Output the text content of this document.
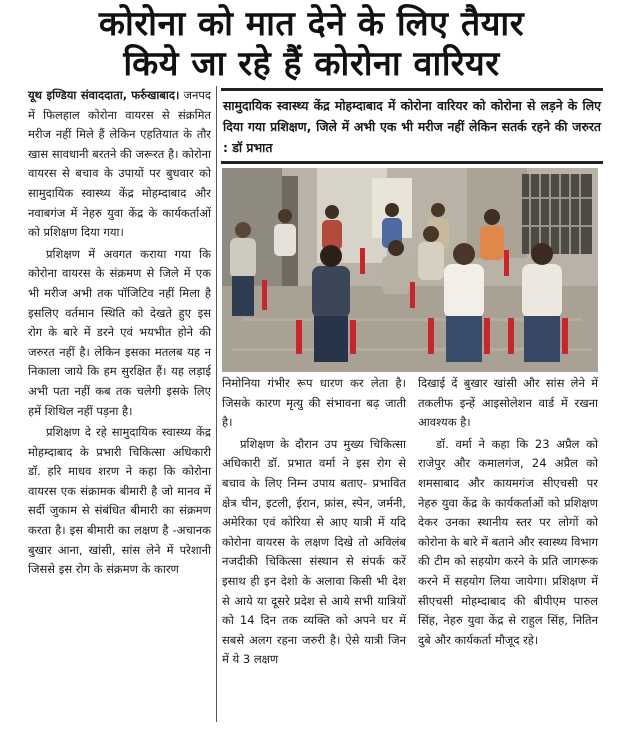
कोरोना को मात देने के लिए तैयार
किये जा रहे हैं कोरोना वारियर

यूथ इण्डिया संवाददाता, फर्रुखाबाद। जनपद में फिलहाल कोरोना वायरस से संक्रमित मरीज नहीं मिले हैं लेकिन एहतियात के तौर खास सावधानी बरतने की जरूरत है। कोरोना वायरस से बचाव के उपायों पर बुधवार को सामुदायिक स्वास्थ्य केंद्र मोहम्दाबाद और नवाबगंज में नेहरु युवा केंद्र के कार्यकर्ताओं को प्रशिक्षण दिया गया।

प्रशिक्षण में अवगत कराया गया कि कोरोना वायरस के संक्रमण से जिले में एक भी मरीज अभी तक पॉजिटिव नहीं मिला है इसलिए वर्तमान स्थिति को देखते हुए इस रोग के बारे में डरने एवं भयभीत होने की जरुरत नहीं है। लेकिन इसका मतलब यह न निकाला जाये कि हम सुरक्षित हैं। यह लड़ाई अभी पता नहीं कब तक चलेगी इसके लिए हमें शिथिल नहीं पड़ना है।

प्रशिक्षण दे रहे सामुदायिक स्वास्थ्य केंद्र मोहम्दाबाद के प्रभारी चिकित्सा अधिकारी डॉ. हरि माधव शरण ने कहा कि कोरोना वायरस एक संक्रामक बीमारी है जो मानव में सर्दी जुकाम से संबंधित बीमारी का संक्रमण करता है। इस बीमारी का लक्षण है -अचानक बुखार आना, खांसी, सांस लेने में परेशानी जिससे इस रोग के संक्रमण के कारण

सामुदायिक स्वास्थ्य केंद्र मोहम्दाबाद में कोरोना वारियर को कोरोना से लड़ने के लिए दिया गया प्रशिक्षण, जिले में अभी एक भी मरीज नहीं लेकिन सतर्क रहने की जरुरत : डॉ प्रभात

निमोनिया गंभीर रूप धारण कर लेता है। जिसके कारण मृत्यु की संभावना बढ़ जाती है।

प्रशिक्षण के दौरान उप मुख्य चिकित्सा अधिकारी डॉ. प्रभात वर्मा ने इस रोग से बचाव के लिए निम्न उपाय बताए- प्रभावित क्षेत्र चीन, इटली, ईरान, फ्रांस, स्पेन, जर्मनी, अमेरिका एवं कोरिया से आए यात्री में यदि कोरोना वायरस के लक्षण दिखे तो अविलंब नजदीकी चिकित्सा संस्थान से संपर्क करें इसाथ ही इन देशो के अलावा किसी भी देश से आये या दूसरे प्रदेश से आये सभी यात्रियों को 14 दिन तक व्यक्ति को अपने घर में सबसे अलग रहना जरुरी है। ऐसे यात्री जिन में ये 3 लक्षण

दिखाई दें बुखार खांसी और सांस लेने में तकलीफ इन्हें आइसोलेशन वार्ड में रखना आवश्यक है।

डॉ. वर्मा ने कहा कि 23 अप्रैल को राजेपुर और कमालगंज, 24 अप्रैल को शमसाबाद और कायमगंज सीएचसी पर नेहरु युवा केंद्र के कार्यकर्ताओं को प्रशिक्षण देकर उनका स्थानीय स्तर पर लोगों को कोरोना के बारे में बताने और स्वास्थ्य विभाग की टीम को सहयोग करने के प्रति जागरूक करने में सहयोग लिया जायेगा। प्रशिक्षण में सीएचसी मोहम्दाबाद की बीपीएम पारुल सिंह, नेहरु युवा केंद्र से राहुल सिंह, नितिन दुबे और कार्यकर्ता मौजूद रहे।
